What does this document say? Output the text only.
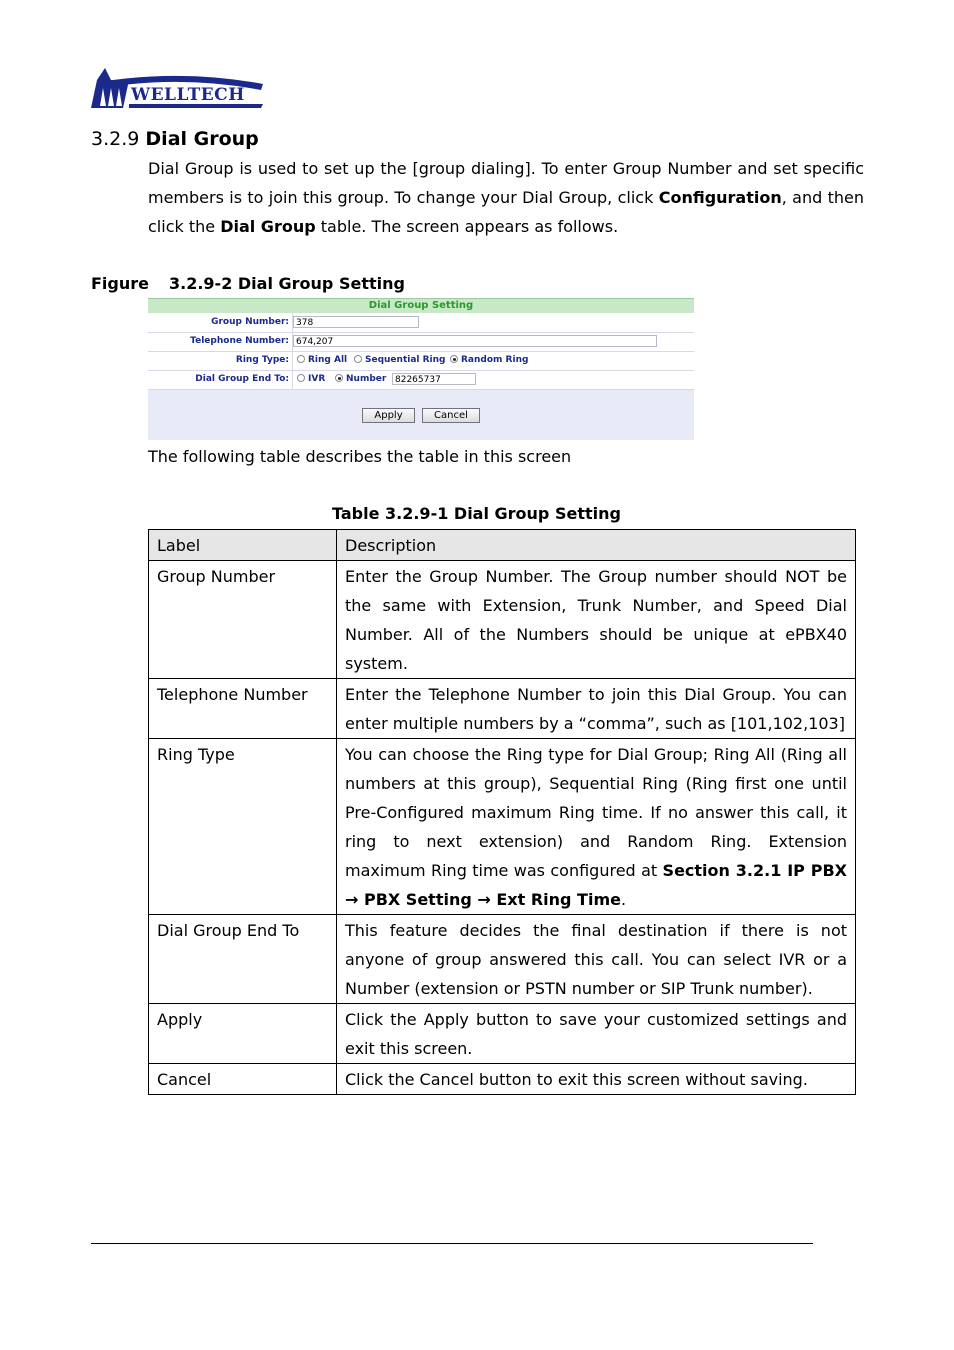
WELLTECH
3.2.9 Dial Group
Dial Group is used to set up the [group dialing]. To enter Group Number and set specific members is to join this group. To change your Dial Group, click Configuration, and then click the Dial Group table. The screen appears as follows.
Figure 3.2.9-2 Dial Group Setting
Dial Group Setting
Group Number: 378
Telephone Number: 674,207
Ring Type:	Ring All	Sequential Ring	Random Ring
Dial Group End To:	IVR	Number 82265737
Apply	Cancel
The following table describes the table in this screen
Table 3.2.9-1 Dial Group Setting
Label	Description
Group Number	Enter the Group Number. The Group number should NOT be the same with Extension, Trunk Number, and Speed Dial Number. All of the Numbers should be unique at ePBX40 system.
Telephone Number	Enter the Telephone Number to join this Dial Group. You can enter multiple numbers by a “comma”, such as [101,102,103]
Ring Type	You can choose the Ring type for Dial Group; Ring All (Ring all numbers at this group), Sequential Ring (Ring first one until Pre-Configured maximum Ring time. If no answer this call, it ring to next extension) and Random Ring. Extension maximum Ring time was configured at Section 3.2.1 IP PBX → PBX Setting → Ext Ring Time.
Dial Group End To	This feature decides the final destination if there is not anyone of group answered this call. You can select IVR or a Number (extension or PSTN number or SIP Trunk number).
Apply	Click the Apply button to save your customized settings and exit this screen.
Cancel	Click the Cancel button to exit this screen without saving.
